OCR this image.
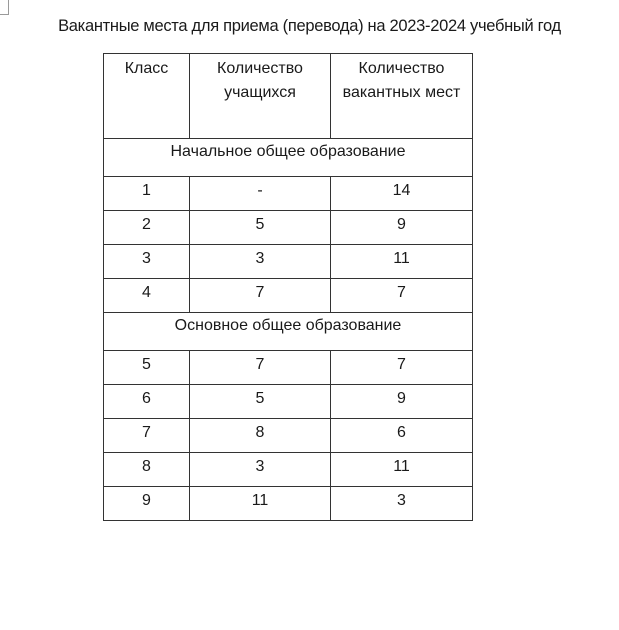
Вакантные места для приема (перевода) на 2023-2024 учебный год
Класс	Количество учащихся	Количество вакантных мест
Начальное общее образование		
1	-	14
2	5	9
3	3	11
4	7	7
Основное общее образование		
5	7	7
6	5	9
7	8	6
8	3	11
9	11	3
